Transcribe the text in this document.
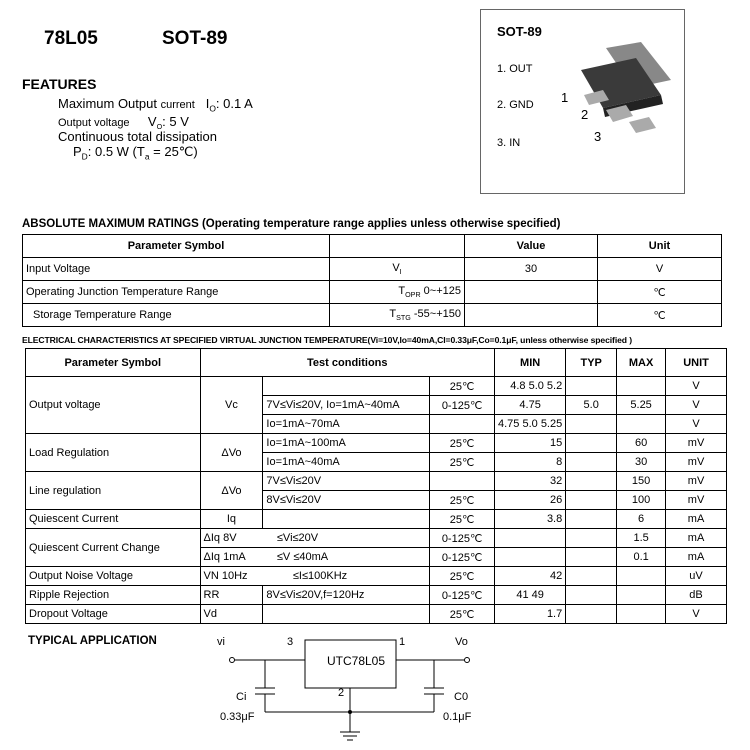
78L05	SOT-89
FEATURES
Maximum Output current $I_O$: 0.1 A
Output voltage $V_O$: 5 V
Continuous total dissipation
$P_D$: 0.5 W ($T_a$ = 25℃)
SOT-89
1. OUT
2. GND
3. IN
1
2
3
ABSOLUTE MAXIMUM RATINGS (Operating temperature range applies unless otherwise specified)
Parameter Symbol		Value	Unit
Input Voltage	$V_I$	30	V
Operating Junction Temperature Range	$T_{OPR}$ 0~+125		℃
Storage Temperature Range	$T_{STG}$ -55~+150		℃
ELECTRICAL CHARACTERISTICS AT SPECIFIED VIRTUAL JUNCTION TEMPERATURE(Vi=10V,Io=40mA,CI=0.33μF,Co=0.1μF, unless otherwise specified )
Parameter Symbol	Test conditions			MIN	TYP	MAX	UNIT
Output voltage	Vc		25℃	4.8 5.0 5.2			V
		7V≤Vi≤20V, Io=1mA~40mA	0-125℃	4.75	5.0	5.25	V
		Io=1mA~70mA		4.75 5.0 5.25			V
Load Regulation	ΔVo	Io=1mA~100mA	25℃	15		60	mV
		Io=1mA~40mA	25℃	8		30	mV
Line regulation	ΔVo	7V≤Vi≤20V		32		150	mV
		8V≤Vi≤20V	25℃	26		100	mV
Quiescent Current	Iq		25℃	3.8		6	mA
Quiescent Current Change	ΔIq 8V	≤Vi≤20V	0-125℃			1.5	mA
	ΔIq 1mA	≤V ≤40mA	0-125℃			0.1	mA
Output Noise Voltage	VN 10Hz	≤I≤100KHz	25℃	42			uV
Ripple Rejection	RR	8V≤Vi≤20V,f=120Hz	0-125℃	41 49			dB
Dropout Voltage	Vd		25℃	1.7			V
TYPICAL APPLICATION	vi	3	1	Vo
UTC78L05
2
Ci
0.33μF
C0
0.1μF
